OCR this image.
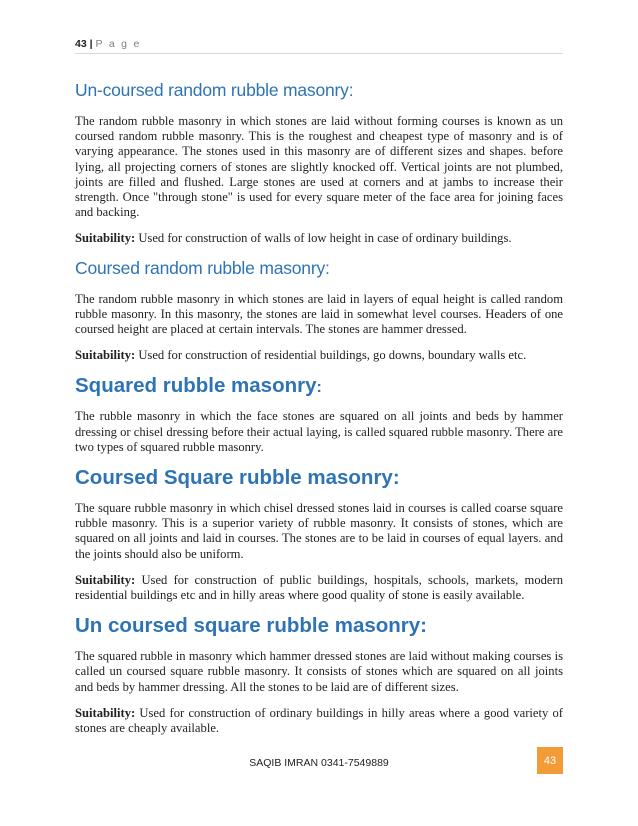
43 | P a g e
Un-coursed random rubble masonry:

The random rubble masonry in which stones are laid without forming courses is known as un coursed random rubble masonry. This is the roughest and cheapest type of masonry and is of varying appearance. The stones used in this masonry are of different sizes and shapes. before lying, all projecting corners of stones are slightly knocked off. Vertical joints are not plumbed, joints are filled and flushed. Large stones are used at corners and at jambs to increase their strength. Once "through stone" is used for every square meter of the face area for joining faces and backing.

Suitability: Used for construction of walls of low height in case of ordinary buildings.

Coursed random rubble masonry:

The random rubble masonry in which stones are laid in layers of equal height is called random rubble masonry. In this masonry, the stones are laid in somewhat level courses. Headers of one coursed height are placed at certain intervals. The stones are hammer dressed.

Suitability: Used for construction of residential buildings, go downs, boundary walls etc.

Squared rubble masonry:

The rubble masonry in which the face stones are squared on all joints and beds by hammer dressing or chisel dressing before their actual laying, is called squared rubble masonry. There are two types of squared rubble masonry.

Coursed Square rubble masonry:

The square rubble masonry in which chisel dressed stones laid in courses is called coarse square rubble masonry. This is a superior variety of rubble masonry. It consists of stones, which are squared on all joints and laid in courses. The stones are to be laid in courses of equal layers. and the joints should also be uniform.

Suitability: Used for construction of public buildings, hospitals, schools, markets, modern residential buildings etc and in hilly areas where good quality of stone is easily available.

Un coursed square rubble masonry:

The squared rubble in masonry which hammer dressed stones are laid without making courses is called un coursed square rubble masonry. It consists of stones which are squared on all joints and beds by hammer dressing. All the stones to be laid are of different sizes.

Suitability: Used for construction of ordinary buildings in hilly areas where a good variety of stones are cheaply available.

SAQIB IMRAN 0341-7549889	43
